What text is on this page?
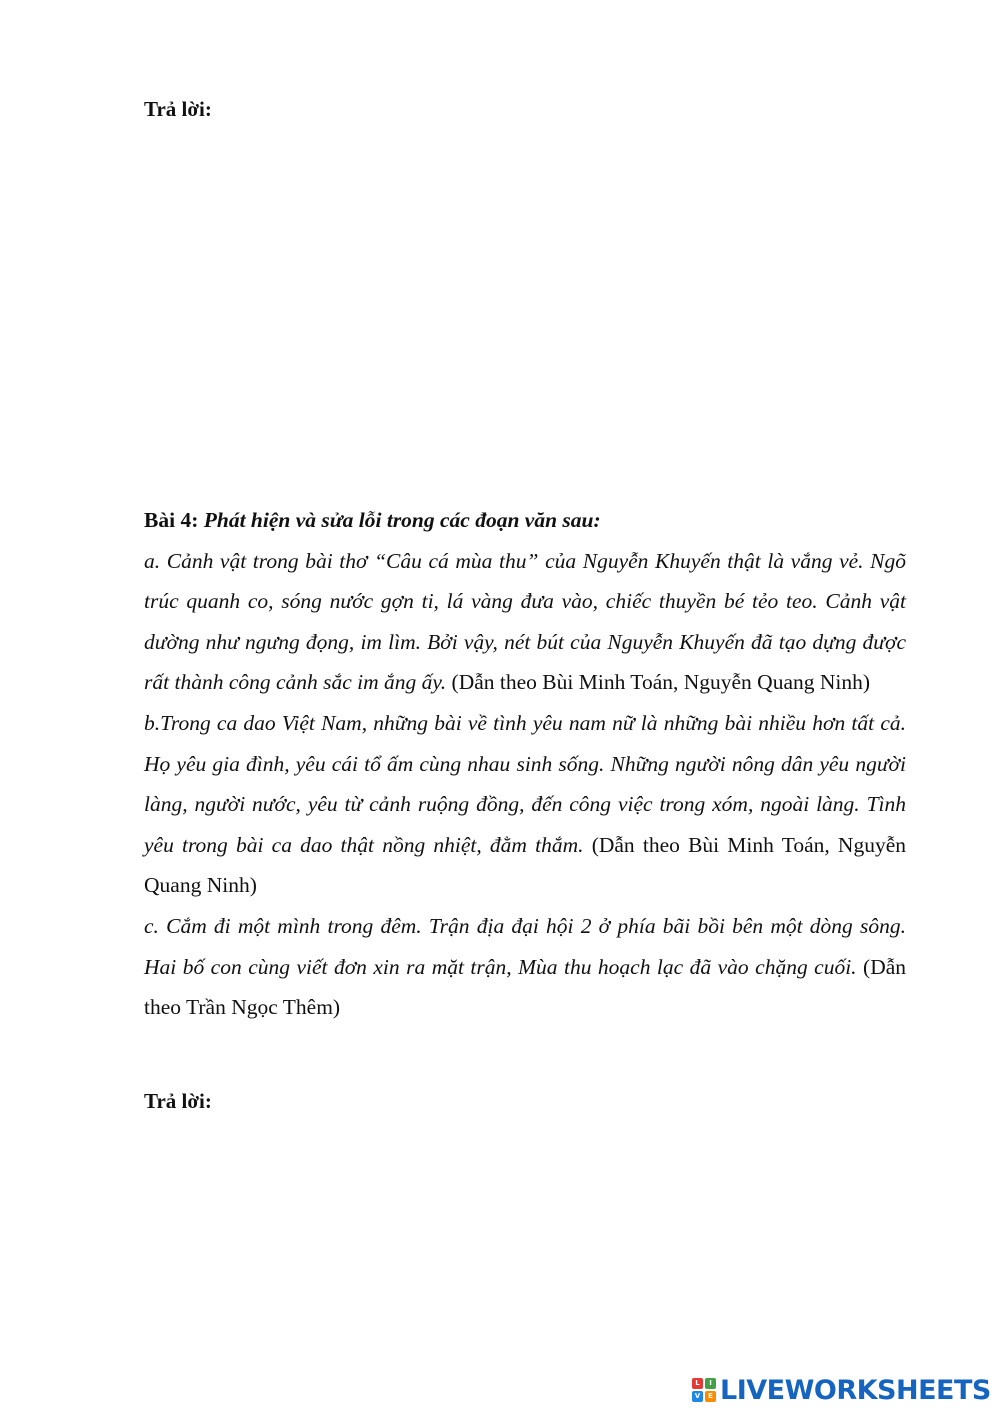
Trả lời:

Bài 4: Phát hiện và sửa lỗi trong các đoạn văn sau:

a. Cảnh vật trong bài thơ “Câu cá mùa thu” của Nguyễn Khuyến thật là vắng vẻ. Ngõ trúc quanh co, sóng nước gợn ti, lá vàng đưa vào, chiếc thuyền bé tẻo teo. Cảnh vật dường như ngưng đọng, im lìm. Bởi vậy, nét bút của Nguyễn Khuyến đã tạo dựng được rất thành công cảnh sắc im ắng ấy. (Dẫn theo Bùi Minh Toán, Nguyễn Quang Ninh)

b.Trong ca dao Việt Nam, những bài về tình yêu nam nữ là những bài nhiều hơn tất cả. Họ yêu gia đình, yêu cái tổ ấm cùng nhau sinh sống. Những người nông dân yêu người làng, người nước, yêu từ cảnh ruộng đồng, đến công việc trong xóm, ngoài làng. Tình yêu trong bài ca dao thật nồng nhiệt, đằm thắm. (Dẫn theo Bùi Minh Toán, Nguyễn Quang Ninh)

c. Cắm đi một mình trong đêm. Trận địa đại hội 2 ở phía bãi bồi bên một dòng sông. Hai bố con cùng viết đơn xin ra mặt trận, Mùa thu hoạch lạc đã vào chặng cuối. (Dẫn theo Trần Ngọc Thêm)

Trả lời:

L	I
V	E LIVEWORKSHEETS
